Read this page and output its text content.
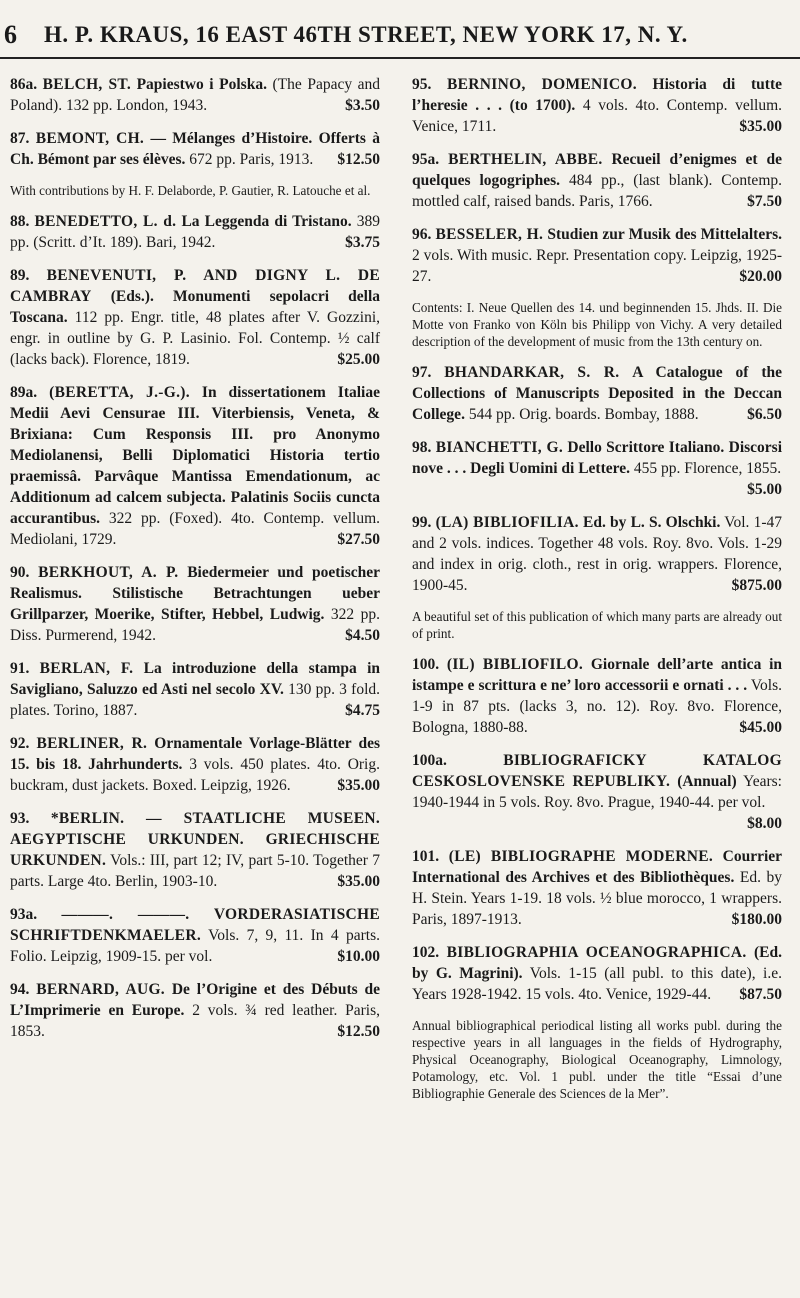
6 H. P. KRAUS, 16 EAST 46TH STREET, NEW YORK 17, N. Y.
86a. BELCH, ST. Papiestwo i Polska. (The Papacy and Poland). 132 pp. London, 1943.	$3.50
87. BEMONT, CH. — Mélanges d’Histoire. Offerts à Ch. Bémont par ses élèves. 672 pp. Paris, 1913.	$12.50
With contributions by H. F. Delaborde, P. Gautier, R. Latouche et al.
88. BENEDETTO, L. d. La Leggenda di Tristano. 389 pp. (Scritt. d’It. 189). Bari, 1942.	$3.75
89. BENEVENUTI, P. AND DIGNY L. DE CAMBRAY (Eds.). Monumenti sepolacri della Toscana. 112 pp. Engr. title, 48 plates after V. Gozzini, engr. in outline by G. P. Lasinio. Fol. Contemp. ½ calf (lacks back). Florence, 1819.	$25.00
89a. (BERETTA, J.-G.). In dissertationem Italiae Medii Aevi Censurae III. Viterbiensis, Veneta, & Brixiana: Cum Responsis III. pro Anonymo Mediolanensi, Belli Diplomatici Historia tertio praemissâ. Parvâque Mantissa Emendationum, ac Additionum ad calcem subjecta. Palatinis Sociis cuncta accurantibus. 322 pp. (Foxed). 4to. Contemp. vellum. Mediolani, 1729.	$27.50
90. BERKHOUT, A. P. Biedermeier und poetischer Realismus. Stilistische Betrachtungen ueber Grillparzer, Moerike, Stifter, Hebbel, Ludwig. 322 pp. Diss. Purmerend, 1942.	$4.50
91. BERLAN, F. La introduzione della stampa in Savigliano, Saluzzo ed Asti nel secolo XV. 130 pp. 3 fold. plates. Torino, 1887.	$4.75
92. BERLINER, R. Ornamentale Vorlage-Blätter des 15. bis 18. Jahrhunderts. 3 vols. 450 plates. 4to. Orig. buckram, dust jackets. Boxed. Leipzig, 1926.	$35.00
93. *BERLIN. — STAATLICHE MUSEEN. AEGYPTISCHE URKUNDEN. GRIECHISCHE URKUNDEN. Vols.: III, part 12; IV, part 5-10. Together 7 parts. Large 4to. Berlin, 1903-10.	$35.00
93a. ———. ———. VORDERASIATISCHE SCHRIFTDENKMAELER. Vols. 7, 9, 11. In 4 parts. Folio. Leipzig, 1909-15. per vol.	$10.00
94. BERNARD, AUG. De l’Origine et des Débuts de L’Imprimerie en Europe. 2 vols. ¾ red leather. Paris, 1853.	$12.50
95. BERNINO, DOMENICO. Historia di tutte l’heresie . . . (to 1700). 4 vols. 4to. Contemp. vellum. Venice, 1711.	$35.00
95a. BERTHELIN, ABBE. Recueil d’enigmes et de quelques logogriphes. 484 pp., (last blank). Contemp. mottled calf, raised bands. Paris, 1766.	$7.50
96. BESSELER, H. Studien zur Musik des Mittelalters. 2 vols. With music. Repr. Presentation copy. Leipzig, 1925-27.	$20.00
Contents: I. Neue Quellen des 14. und beginnenden 15. Jhds. II. Die Motte von Franko von Köln bis Philipp von Vichy. A very detailed description of the development of music from the 13th century on.
97. BHANDARKAR, S. R. A Catalogue of the Collections of Manuscripts Deposited in the Deccan College. 544 pp. Orig. boards. Bombay, 1888.	$6.50
98. BIANCHETTI, G. Dello Scrittore Italiano. Discorsi nove . . . Degli Uomini di Lettere. 455 pp. Florence, 1855.
$5.00
99. (LA) BIBLIOFILIA. Ed. by L. S. Olschki. Vol. 1-47 and 2 vols. indices. Together 48 vols. Roy. 8vo. Vols. 1-29 and index in orig. cloth., rest in orig. wrappers. Florence, 1900-45.	$875.00
A beautiful set of this publication of which many parts are already out of print.
100. (IL) BIBLIOFILO. Giornale dell’arte antica in istampe e scrittura e ne’ loro accessorii e ornati . . . Vols. 1-9 in 87 pts. (lacks 3, no. 12). Roy. 8vo. Florence, Bologna, 1880-88.	$45.00
100a.	BIBLIOGRAFICKY KATALOG CESKOSLOVENSKE REPUBLIKY. (Annual) Years: 1940-1944 in 5 vols. Roy. 8vo. Prague, 1940-44. per vol.
$8.00
101. (LE) BIBLIOGRAPHE MODERNE. Courrier International des Archives et des Bibliothèques. Ed. by H. Stein. Years 1-19. 18 vols. ½ blue morocco, 1 wrappers. Paris, 1897-1913.	$180.00
102. BIBLIOGRAPHIA OCEANOGRAPHICA. (Ed. by G. Magrini). Vols. 1-15 (all publ. to this date), i.e. Years 1928-1942. 15 vols. 4to. Venice, 1929-44.	$87.50
Annual bibliographical periodical listing all works publ. during the respective years in all languages in the fields of Hydrography, Physical Oceanography, Biological Oceanography, Limnology, Potamology, etc. Vol. 1 publ. under the title “Essai d’une Bibliographie Generale des Sciences de la Mer”.
